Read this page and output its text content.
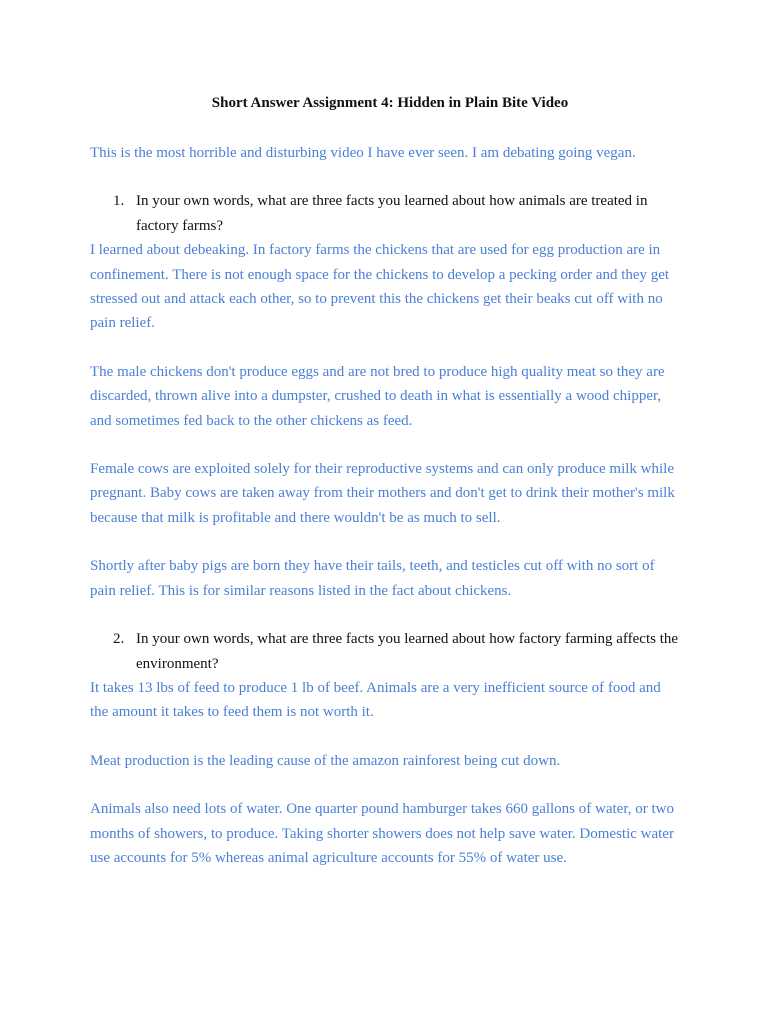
Short Answer Assignment 4: Hidden in Plain Bite Video

This is the most horrible and disturbing video I have ever seen. I am debating going vegan.

1. In your own words, what are three facts you learned about how animals are treated in factory farms?

I learned about debeaking. In factory farms the chickens that are used for egg production are in confinement. There is not enough space for the chickens to develop a pecking order and they get stressed out and attack each other, so to prevent this the chickens get their beaks cut off with no pain relief.

The male chickens don't produce eggs and are not bred to produce high quality meat so they are discarded, thrown alive into a dumpster, crushed to death in what is essentially a wood chipper, and sometimes fed back to the other chickens as feed.

Female cows are exploited solely for their reproductive systems and can only produce milk while pregnant. Baby cows are taken away from their mothers and don't get to drink their mother's milk because that milk is profitable and there wouldn't be as much to sell.

Shortly after baby pigs are born they have their tails, teeth, and testicles cut off with no sort of pain relief. This is for similar reasons listed in the fact about chickens.

2. In your own words, what are three facts you learned about how factory farming affects the environment?

It takes 13 lbs of feed to produce 1 lb of beef. Animals are a very inefficient source of food and the amount it takes to feed them is not worth it.

Meat production is the leading cause of the amazon rainforest being cut down.

Animals also need lots of water. One quarter pound hamburger takes 660 gallons of water, or two months of showers, to produce. Taking shorter showers does not help save water. Domestic water use accounts for 5% whereas animal agriculture accounts for 55% of water use.
